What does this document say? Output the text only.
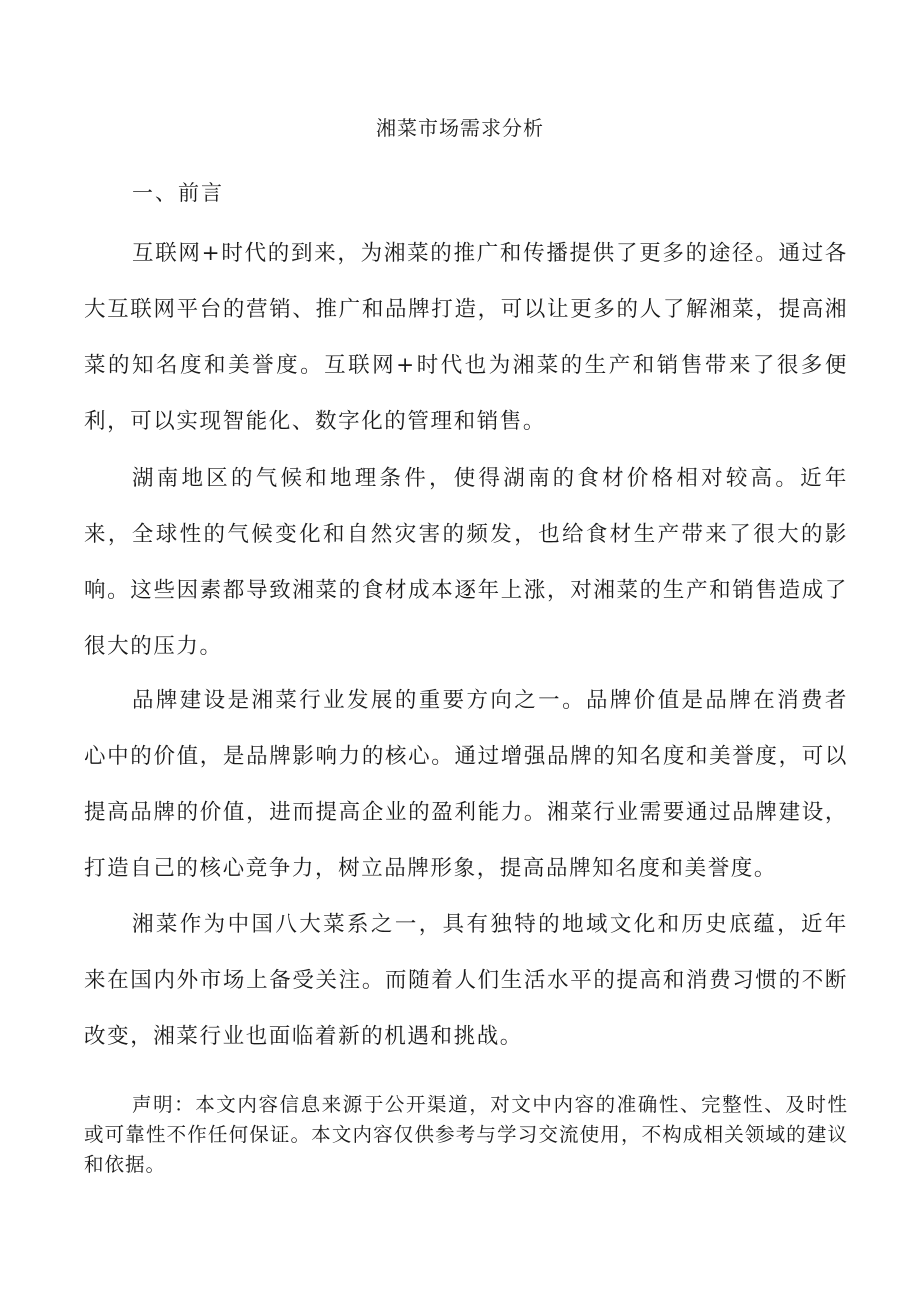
湘菜市场需求分析
一、前言

互联网+时代的到来，为湘菜的推广和传播提供了更多的途径。通过各大互联网平台的营销、推广和品牌打造，可以让更多的人了解湘菜，提高湘菜的知名度和美誉度。互联网+时代也为湘菜的生产和销售带来了很多便利，可以实现智能化、数字化的管理和销售。

湖南地区的气候和地理条件，使得湖南的食材价格相对较高。近年来，全球性的气候变化和自然灾害的频发，也给食材生产带来了很大的影响。这些因素都导致湘菜的食材成本逐年上涨，对湘菜的生产和销售造成了很大的压力。

品牌建设是湘菜行业发展的重要方向之一。品牌价值是品牌在消费者心中的价值，是品牌影响力的核心。通过增强品牌的知名度和美誉度，可以提高品牌的价值，进而提高企业的盈利能力。湘菜行业需要通过品牌建设，打造自己的核心竞争力，树立品牌形象，提高品牌知名度和美誉度。

湘菜作为中国八大菜系之一，具有独特的地域文化和历史底蕴，近年来在国内外市场上备受关注。而随着人们生活水平的提高和消费习惯的不断改变，湘菜行业也面临着新的机遇和挑战。

声明：本文内容信息来源于公开渠道，对文中内容的准确性、完整性、及时性或可靠性不作任何保证。本文内容仅供参考与学习交流使用，不构成相关领域的建议和依据。
